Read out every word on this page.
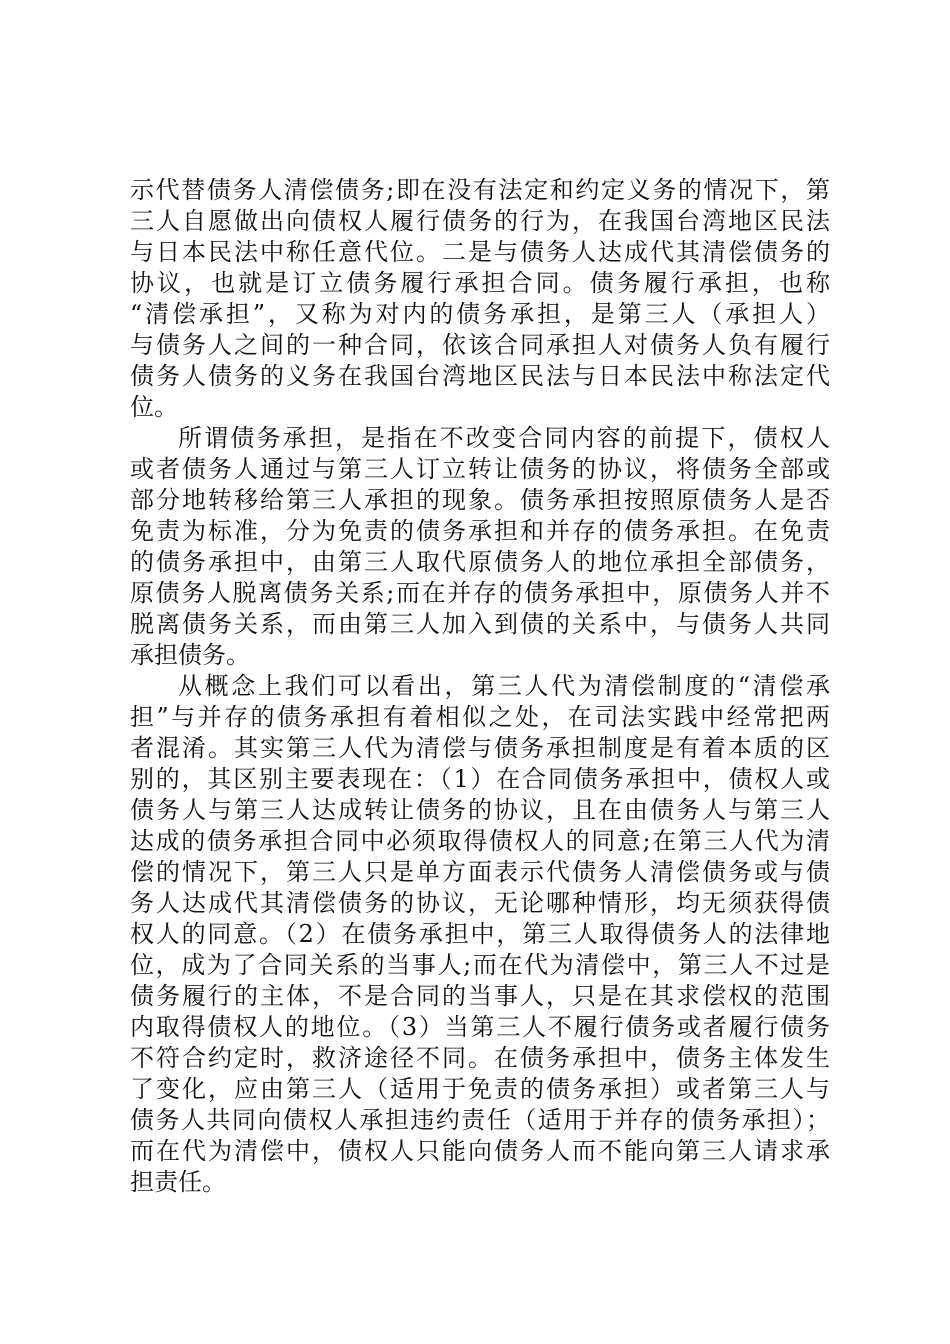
示代替债务人清偿债务;即在没有法定和约定义务的情况下，第
三人自愿做出向债权人履行债务的行为，在我国台湾地区民法
与日本民法中称任意代位。二是与债务人达成代其清偿债务的
协议，也就是订立债务履行承担合同。债务履行承担，也称
“清偿承担”，又称为对内的债务承担，是第三人（承担人）
与债务人之间的一种合同，依该合同承担人对债务人负有履行
债务人债务的义务在我国台湾地区民法与日本民法中称法定代
位。
所谓债务承担，是指在不改变合同内容的前提下，债权人
或者债务人通过与第三人订立转让债务的协议，将债务全部或
部分地转移给第三人承担的现象。债务承担按照原债务人是否
免责为标准，分为免责的债务承担和并存的债务承担。在免责
的债务承担中，由第三人取代原债务人的地位承担全部债务，
原债务人脱离债务关系;而在并存的债务承担中，原债务人并不
脱离债务关系，而由第三人加入到债的关系中，与债务人共同
承担债务。
从概念上我们可以看出，第三人代为清偿制度的“清偿承
担”与并存的债务承担有着相似之处，在司法实践中经常把两
者混淆。其实第三人代为清偿与债务承担制度是有着本质的区
别的，其区别主要表现在：（1）在合同债务承担中，债权人或
债务人与第三人达成转让债务的协议，且在由债务人与第三人
达成的债务承担合同中必须取得债权人的同意;在第三人代为清
偿的情况下，第三人只是单方面表示代债务人清偿债务或与债
务人达成代其清偿债务的协议，无论哪种情形，均无须获得债
权人的同意。（2）在债务承担中，第三人取得债务人的法律地
位，成为了合同关系的当事人;而在代为清偿中，第三人不过是
债务履行的主体，不是合同的当事人，只是在其求偿权的范围
内取得债权人的地位。（3）当第三人不履行债务或者履行债务
不符合约定时，救济途径不同。在债务承担中，债务主体发生
了变化，应由第三人（适用于免责的债务承担）或者第三人与
债务人共同向债权人承担违约责任（适用于并存的债务承担）；
而在代为清偿中，债权人只能向债务人而不能向第三人请求承
担责任。
